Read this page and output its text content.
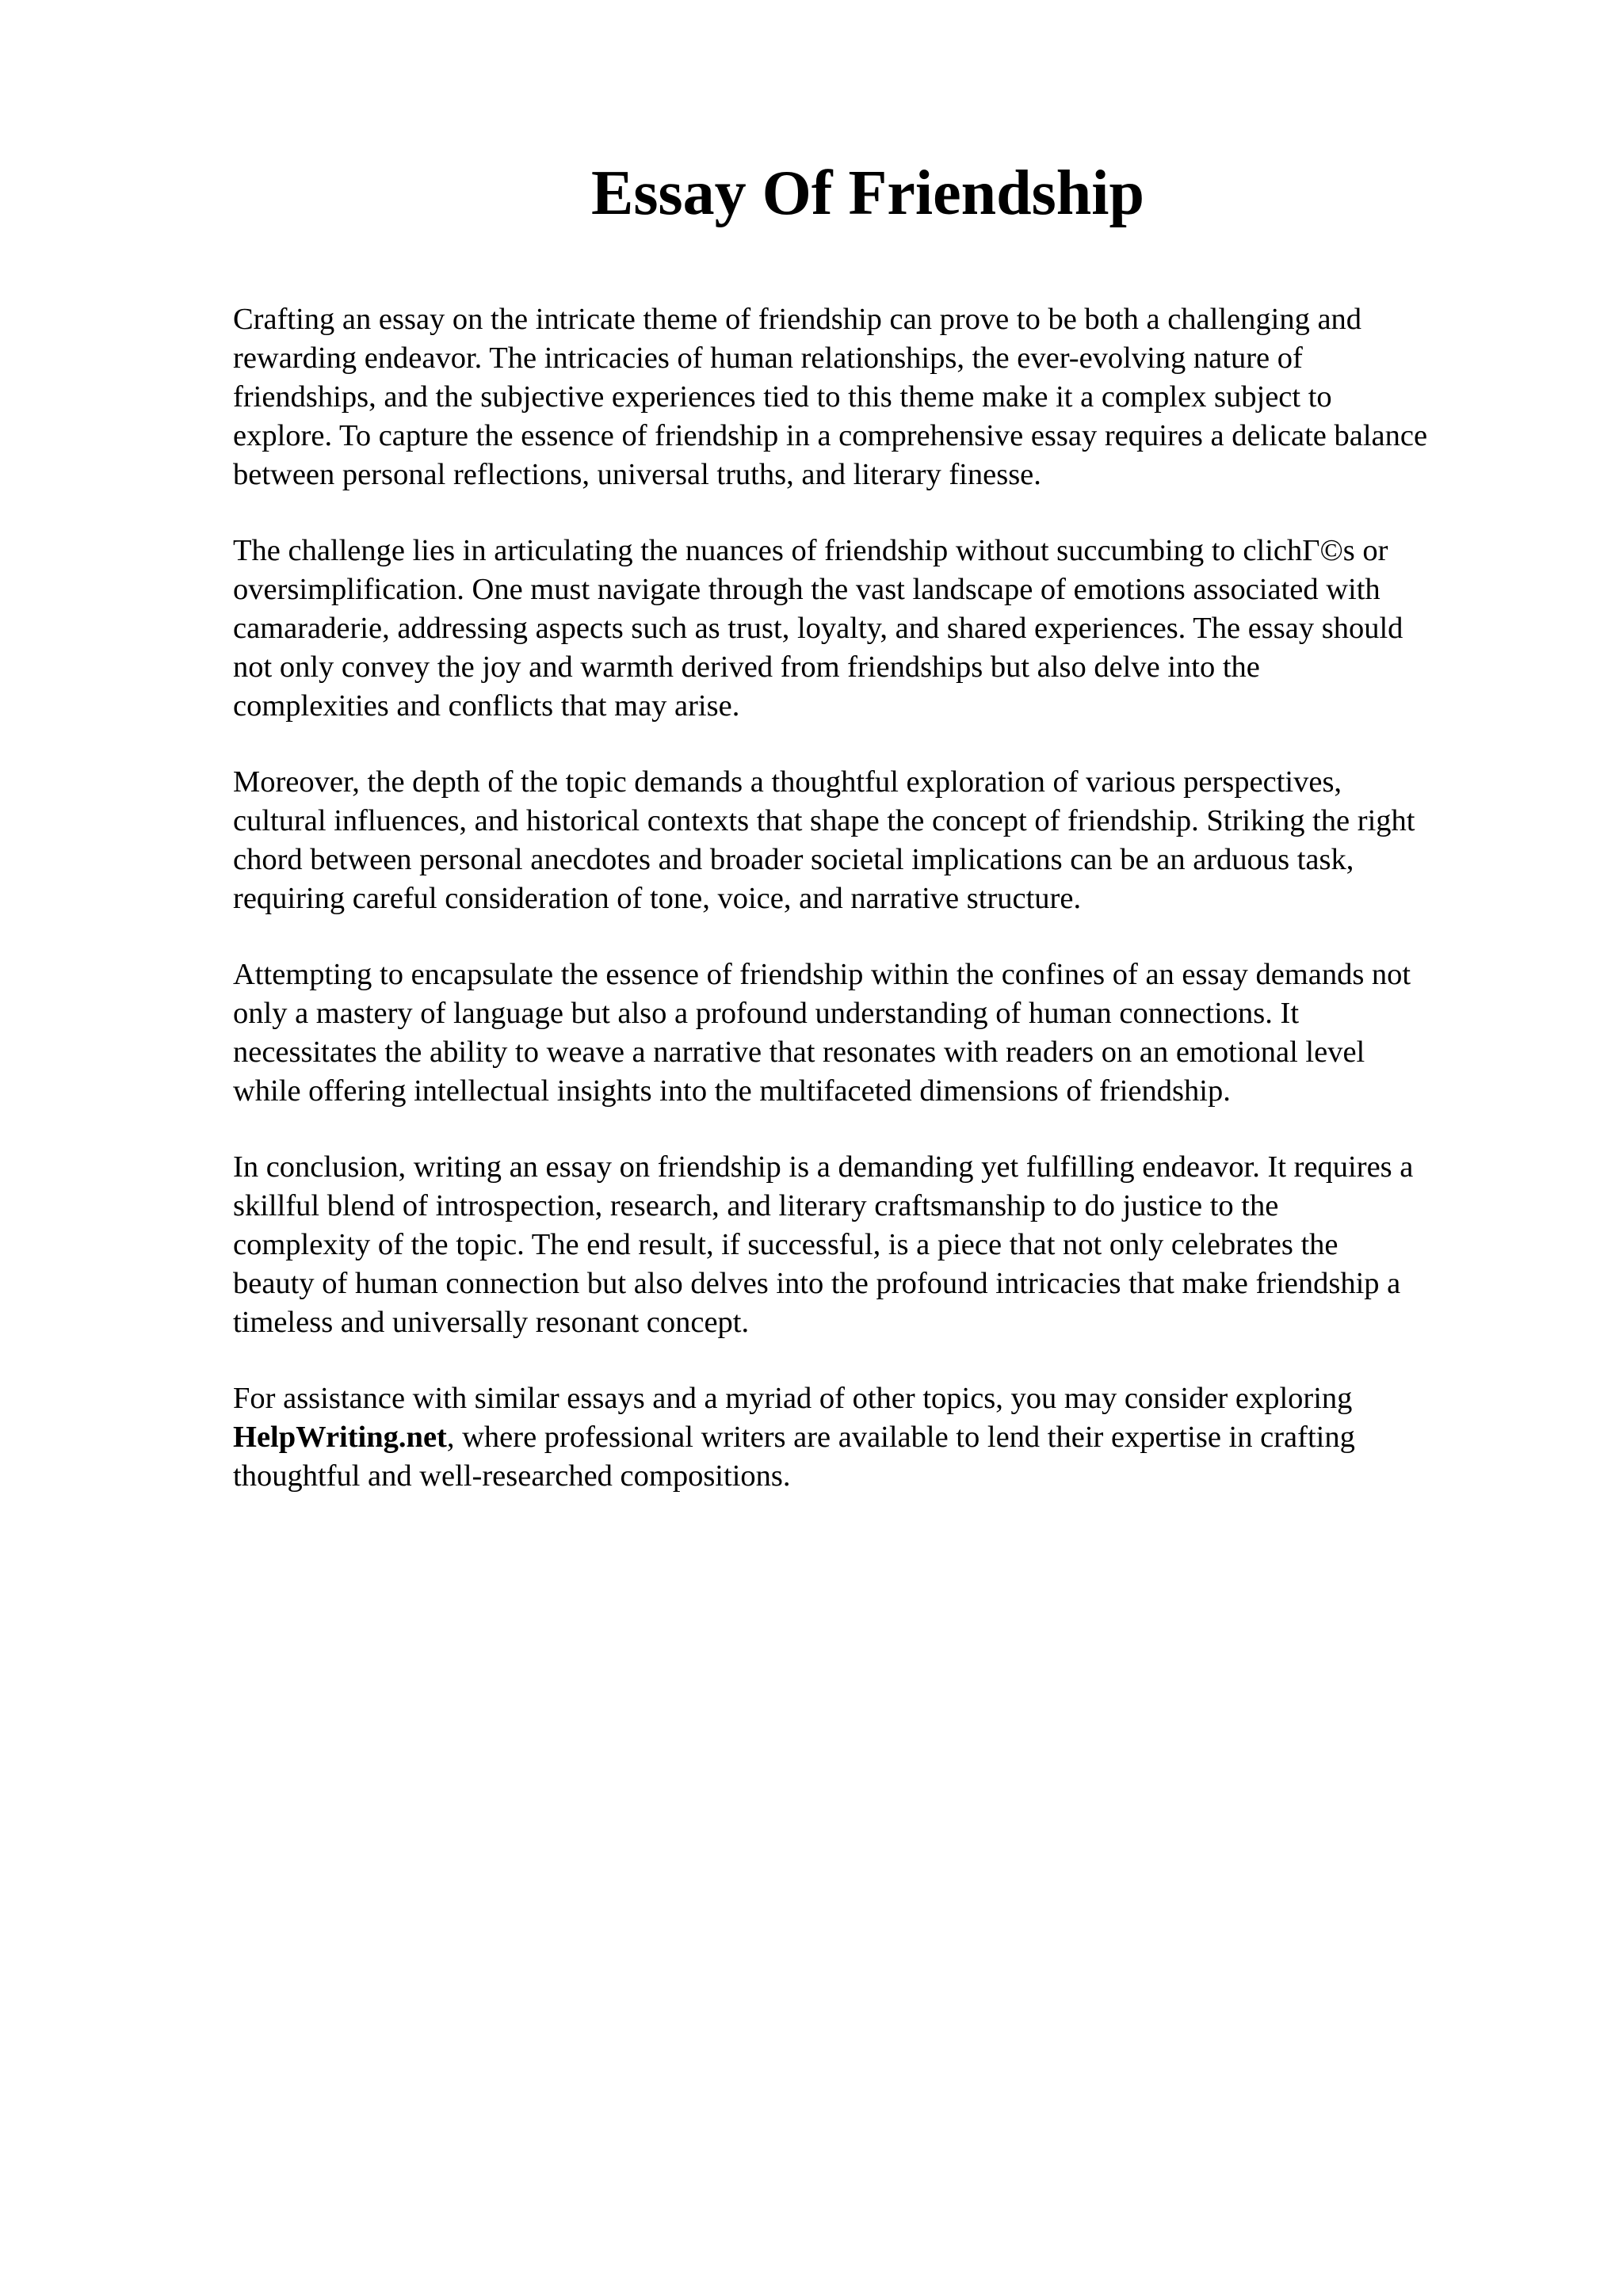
Essay Of Friendship

Crafting an essay on the intricate theme of friendship can prove to be both a challenging and
rewarding endeavor. The intricacies of human relationships, the ever-evolving nature of
friendships, and the subjective experiences tied to this theme make it a complex subject to
explore. To capture the essence of friendship in a comprehensive essay requires a delicate balance
between personal reflections, universal truths, and literary finesse.

The challenge lies in articulating the nuances of friendship without succumbing to clichΓ©s or
oversimplification. One must navigate through the vast landscape of emotions associated with
camaraderie, addressing aspects such as trust, loyalty, and shared experiences. The essay should
not only convey the joy and warmth derived from friendships but also delve into the
complexities and conflicts that may arise.

Moreover, the depth of the topic demands a thoughtful exploration of various perspectives,
cultural influences, and historical contexts that shape the concept of friendship. Striking the right
chord between personal anecdotes and broader societal implications can be an arduous task,
requiring careful consideration of tone, voice, and narrative structure.

Attempting to encapsulate the essence of friendship within the confines of an essay demands not
only a mastery of language but also a profound understanding of human connections. It
necessitates the ability to weave a narrative that resonates with readers on an emotional level
while offering intellectual insights into the multifaceted dimensions of friendship.

In conclusion, writing an essay on friendship is a demanding yet fulfilling endeavor. It requires a
skillful blend of introspection, research, and literary craftsmanship to do justice to the
complexity of the topic. The end result, if successful, is a piece that not only celebrates the
beauty of human connection but also delves into the profound intricacies that make friendship a
timeless and universally resonant concept.

For assistance with similar essays and a myriad of other topics, you may consider exploring
HelpWriting.net, where professional writers are available to lend their expertise in crafting
thoughtful and well-researched compositions.
